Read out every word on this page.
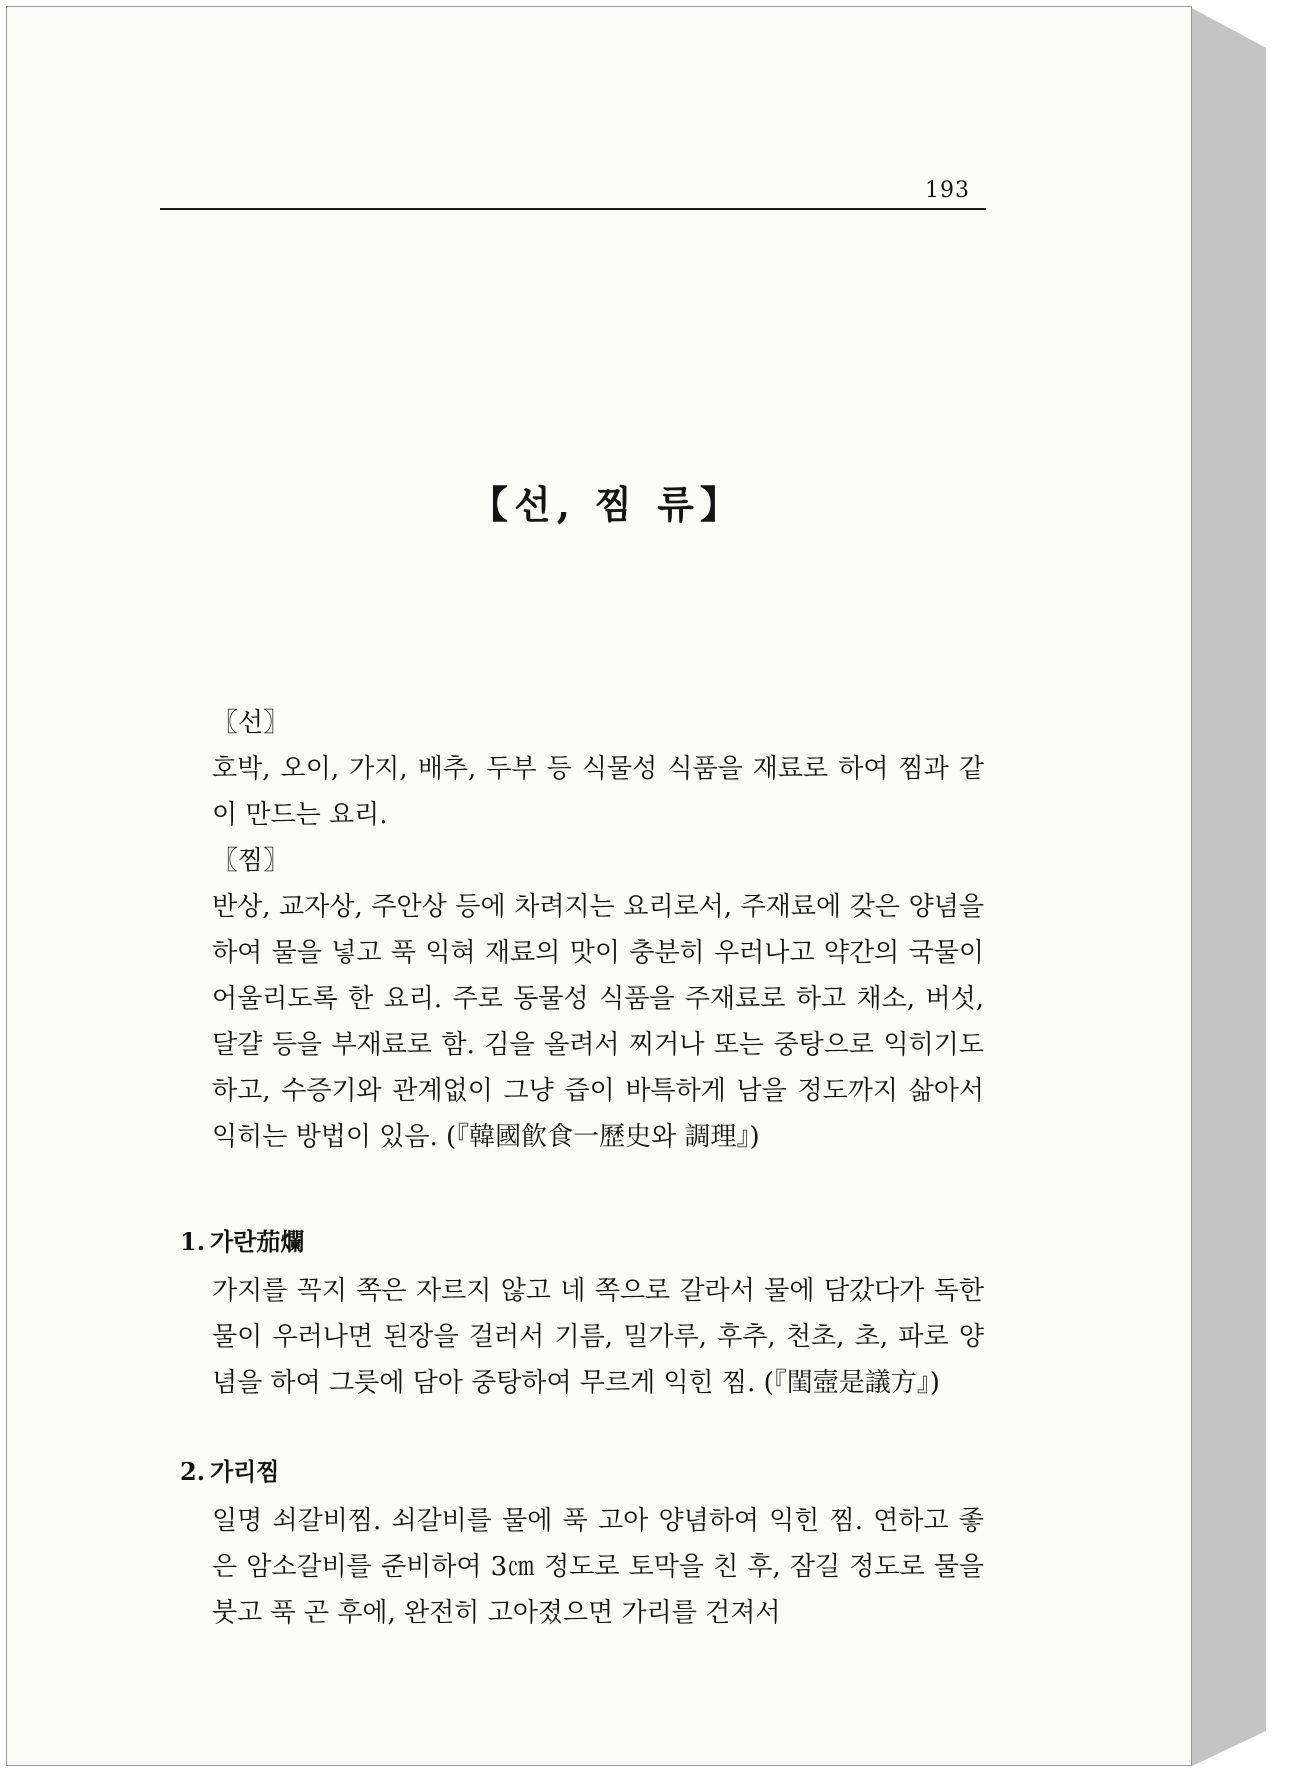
193
【선, 찜 류】
〖선〗
호박, 오이, 가지, 배추, 두부 등 식물성 식품을 재료로 하여 찜과 같이 만드는 요리.
〖찜〗
반상, 교자상, 주안상 등에 차려지는 요리로서, 주재료에 갖은 양념을 하여 물을 넣고 푹 익혀 재료의 맛이 충분히 우러나고 약간의 국물이 어울리도록 한 요리. 주로 동물성 식품을 주재료로 하고 채소, 버섯, 달걀 등을 부재료로 함. 김을 올려서 찌거나 또는 중탕으로 익히기도 하고, 수증기와 관계없이 그냥 즙이 바특하게 남을 정도까지 삶아서 익히는 방법이 있음. (『韓國飮食一歷史와 調理』)
1. 가란茄爛
가지를 꼭지 쪽은 자르지 않고 네 쪽으로 갈라서 물에 담갔다가 독한 물이 우러나면 된장을 걸러서 기름, 밀가루, 후추, 천초, 초, 파로 양념을 하여 그릇에 담아 중탕하여 무르게 익힌 찜. (『閨壼是議方』)
2. 가리찜
일명 쇠갈비찜. 쇠갈비를 물에 푹 고아 양념하여 익힌 찜. 연하고 좋은 암소갈비를 준비하여 3㎝ 정도로 토막을 친 후, 잠길 정도로 물을 붓고 푹 곤 후에, 완전히 고아졌으면 가리를 건져서
